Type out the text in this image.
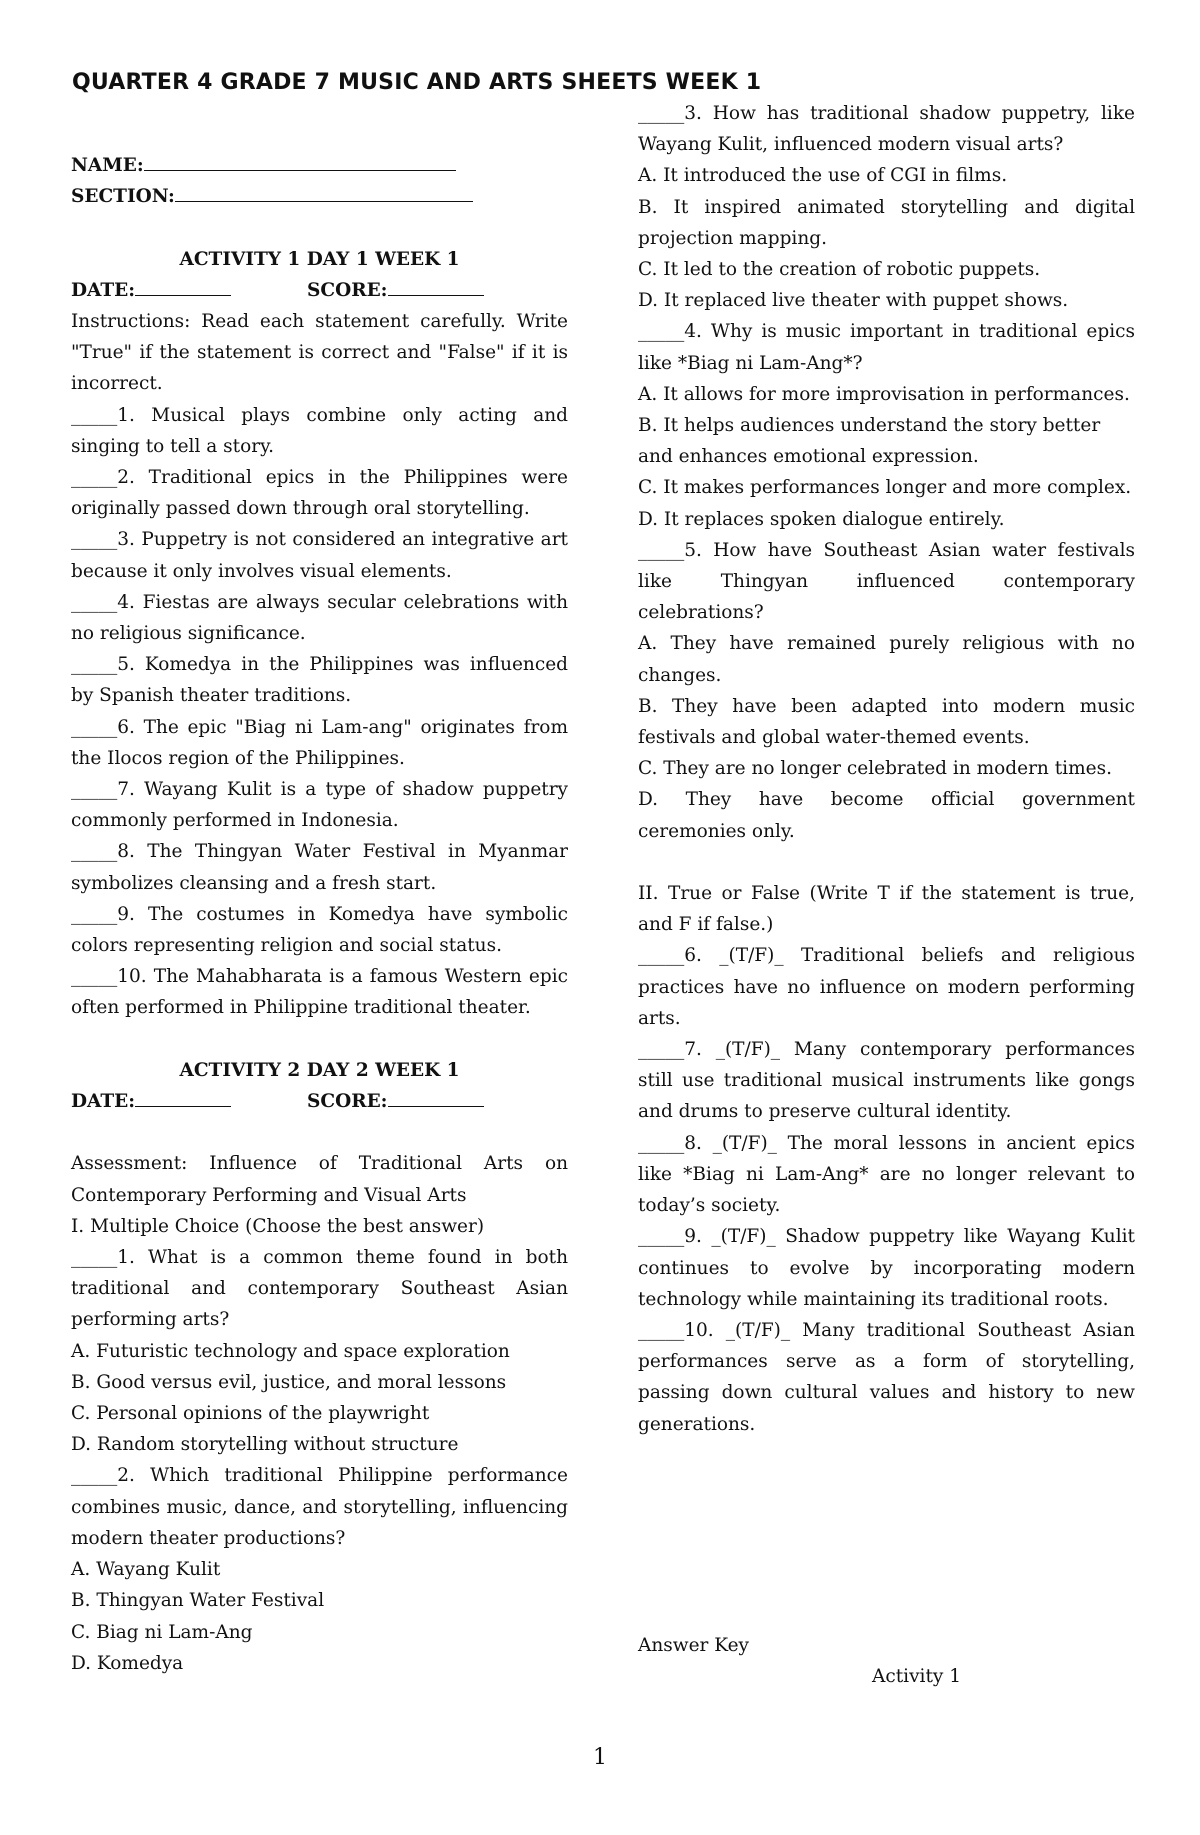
QUARTER 4 GRADE 7 MUSIC AND ARTS SHEETS WEEK 1
NAME:
SECTION:
ACTIVITY 1 DAY 1 WEEK 1
DATE:	SCORE:
Instructions: Read each statement carefully. Write "True" if the statement is correct and "False" if it is incorrect.
_____1. Musical plays combine only acting and singing to tell a story.
_____2. Traditional epics in the Philippines were originally passed down through oral storytelling.
_____3. Puppetry is not considered an integrative art because it only involves visual elements.
_____4. Fiestas are always secular celebrations with no religious significance.
_____5. Komedya in the Philippines was influenced by Spanish theater traditions.
_____6. The epic "Biag ni Lam-ang" originates from the Ilocos region of the Philippines.
_____7. Wayang Kulit is a type of shadow puppetry commonly performed in Indonesia.
_____8. The Thingyan Water Festival in Myanmar symbolizes cleansing and a fresh start.
_____9. The costumes in Komedya have symbolic colors representing religion and social status.
_____10. The Mahabharata is a famous Western epic often performed in Philippine traditional theater.
ACTIVITY 2 DAY 2 WEEK 1
DATE:	SCORE:
Assessment: Influence of Traditional Arts on Contemporary Performing and Visual Arts
I. Multiple Choice (Choose the best answer)
_____1. What is a common theme found in both traditional and contemporary Southeast Asian performing arts?
A. Futuristic technology and space exploration
B. Good versus evil, justice, and moral lessons
C. Personal opinions of the playwright
D. Random storytelling without structure
_____2. Which traditional Philippine performance combines music, dance, and storytelling, influencing modern theater productions?
A. Wayang Kulit
B. Thingyan Water Festival
C. Biag ni Lam-Ang
D. Komedya
_____3. How has traditional shadow puppetry, like Wayang Kulit, influenced modern visual arts?
A. It introduced the use of CGI in films.
B. It inspired animated storytelling and digital projection mapping.
C. It led to the creation of robotic puppets.
D. It replaced live theater with puppet shows.
_____4. Why is music important in traditional epics like *Biag ni Lam-Ang*?
A. It allows for more improvisation in performances.
B. It helps audiences understand the story better and enhances emotional expression.
C. It makes performances longer and more complex.
D. It replaces spoken dialogue entirely.
_____5. How have Southeast Asian water festivals like Thingyan influenced contemporary celebrations?
A. They have remained purely religious with no changes.
B. They have been adapted into modern music festivals and global water-themed events.
C. They are no longer celebrated in modern times.
D. They have become official government ceremonies only.
II. True or False (Write T if the statement is true, and F if false.)
_____6. _(T/F)_ Traditional beliefs and religious practices have no influence on modern performing arts.
_____7. _(T/F)_ Many contemporary performances still use traditional musical instruments like gongs and drums to preserve cultural identity.
_____8. _(T/F)_ The moral lessons in ancient epics like *Biag ni Lam-Ang* are no longer relevant to today’s society.
_____9. _(T/F)_ Shadow puppetry like Wayang Kulit continues to evolve by incorporating modern technology while maintaining its traditional roots.
_____10. _(T/F)_ Many traditional Southeast Asian performances serve as a form of storytelling, passing down cultural values and history to new generations.
Answer Key
Activity 1
1
